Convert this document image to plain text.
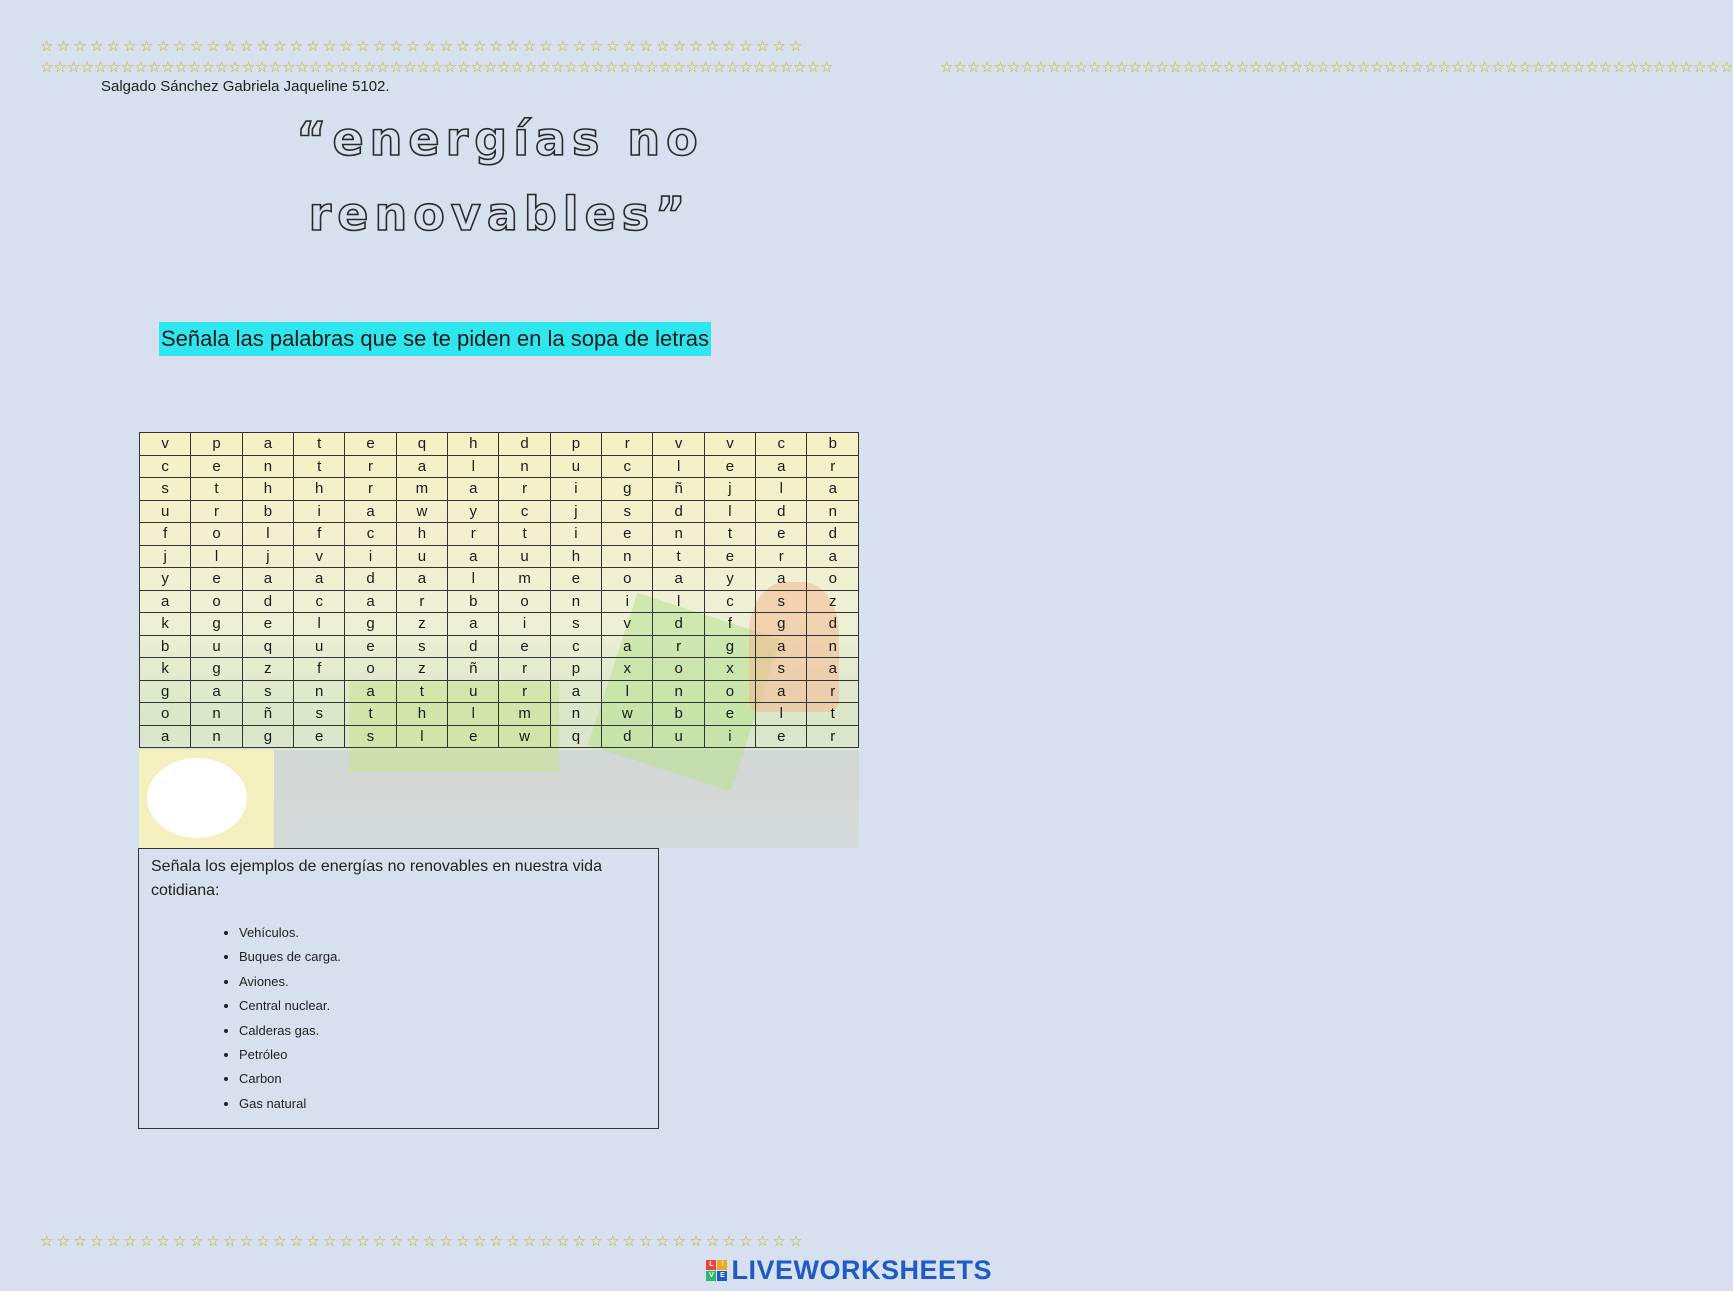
☆☆☆☆☆☆☆☆☆☆☆☆☆☆☆☆☆☆☆☆☆☆☆☆☆☆☆☆☆☆☆☆☆☆☆☆☆☆☆☆☆☆☆☆☆☆
☆☆☆☆☆☆☆☆☆☆☆☆☆☆☆☆☆☆☆☆☆☆☆☆☆☆☆☆☆☆☆☆☆☆☆☆☆☆☆☆☆☆☆☆☆☆
☆☆☆☆☆☆☆☆☆☆☆☆☆☆☆☆☆☆☆☆☆☆☆☆☆☆☆☆☆☆☆☆☆☆☆☆☆☆☆☆☆☆☆☆☆☆☆☆☆☆☆☆☆☆☆☆☆☆☆	☆☆☆☆☆☆☆☆☆☆☆☆☆☆☆☆☆☆☆☆☆☆☆☆☆☆☆☆☆☆☆☆☆☆☆☆☆☆☆☆☆☆☆☆☆☆☆☆☆☆☆☆☆☆☆☆☆☆☆
Salgado Sánchez Gabriela Jaqueline 5102.
“energías no
renovables”
Señala las palabras que se te piden en la sopa de letras
v	p	a	t	e	q	h	d	p	r	v	v	c	b
c	e	n	t	r	a	l	n	u	c	l	e	a	r
s	t	h	h	r	m	a	r	i	g	ñ	j	l	a
u	r	b	i	a	w	y	c	j	s	d	l	d	n
f	o	l	f	c	h	r	t	i	e	n	t	e	d
j	l	j	v	i	u	a	u	h	n	t	e	r	a
y	e	a	a	d	a	l	m	e	o	a	y	a	o
a	o	d	c	a	r	b	o	n	i	l	c	s	z
k	g	e	l	g	z	a	i	s	v	d	f	g	d
b	u	q	u	e	s	d	e	c	a	r	g	a	n
k	g	z	f	o	z	ñ	r	p	x	o	x	s	a
g	a	s	n	a	t	u	r	a	l	n	o	a	r
o	n	ñ	s	t	h	l	m	n	w	b	e	l	t
a	n	g	e	s	l	e	w	q	d	u	i	e	r
Señala los ejemplos de energías no renovables en nuestra vida cotidiana:
• Vehículos.
• Buques de carga.
• Aviones.
• Central nuclear.
• Calderas gas.
• Petróleo
• Carbon
• Gas natural
L	I
V E LIVEWORKSHEETS
